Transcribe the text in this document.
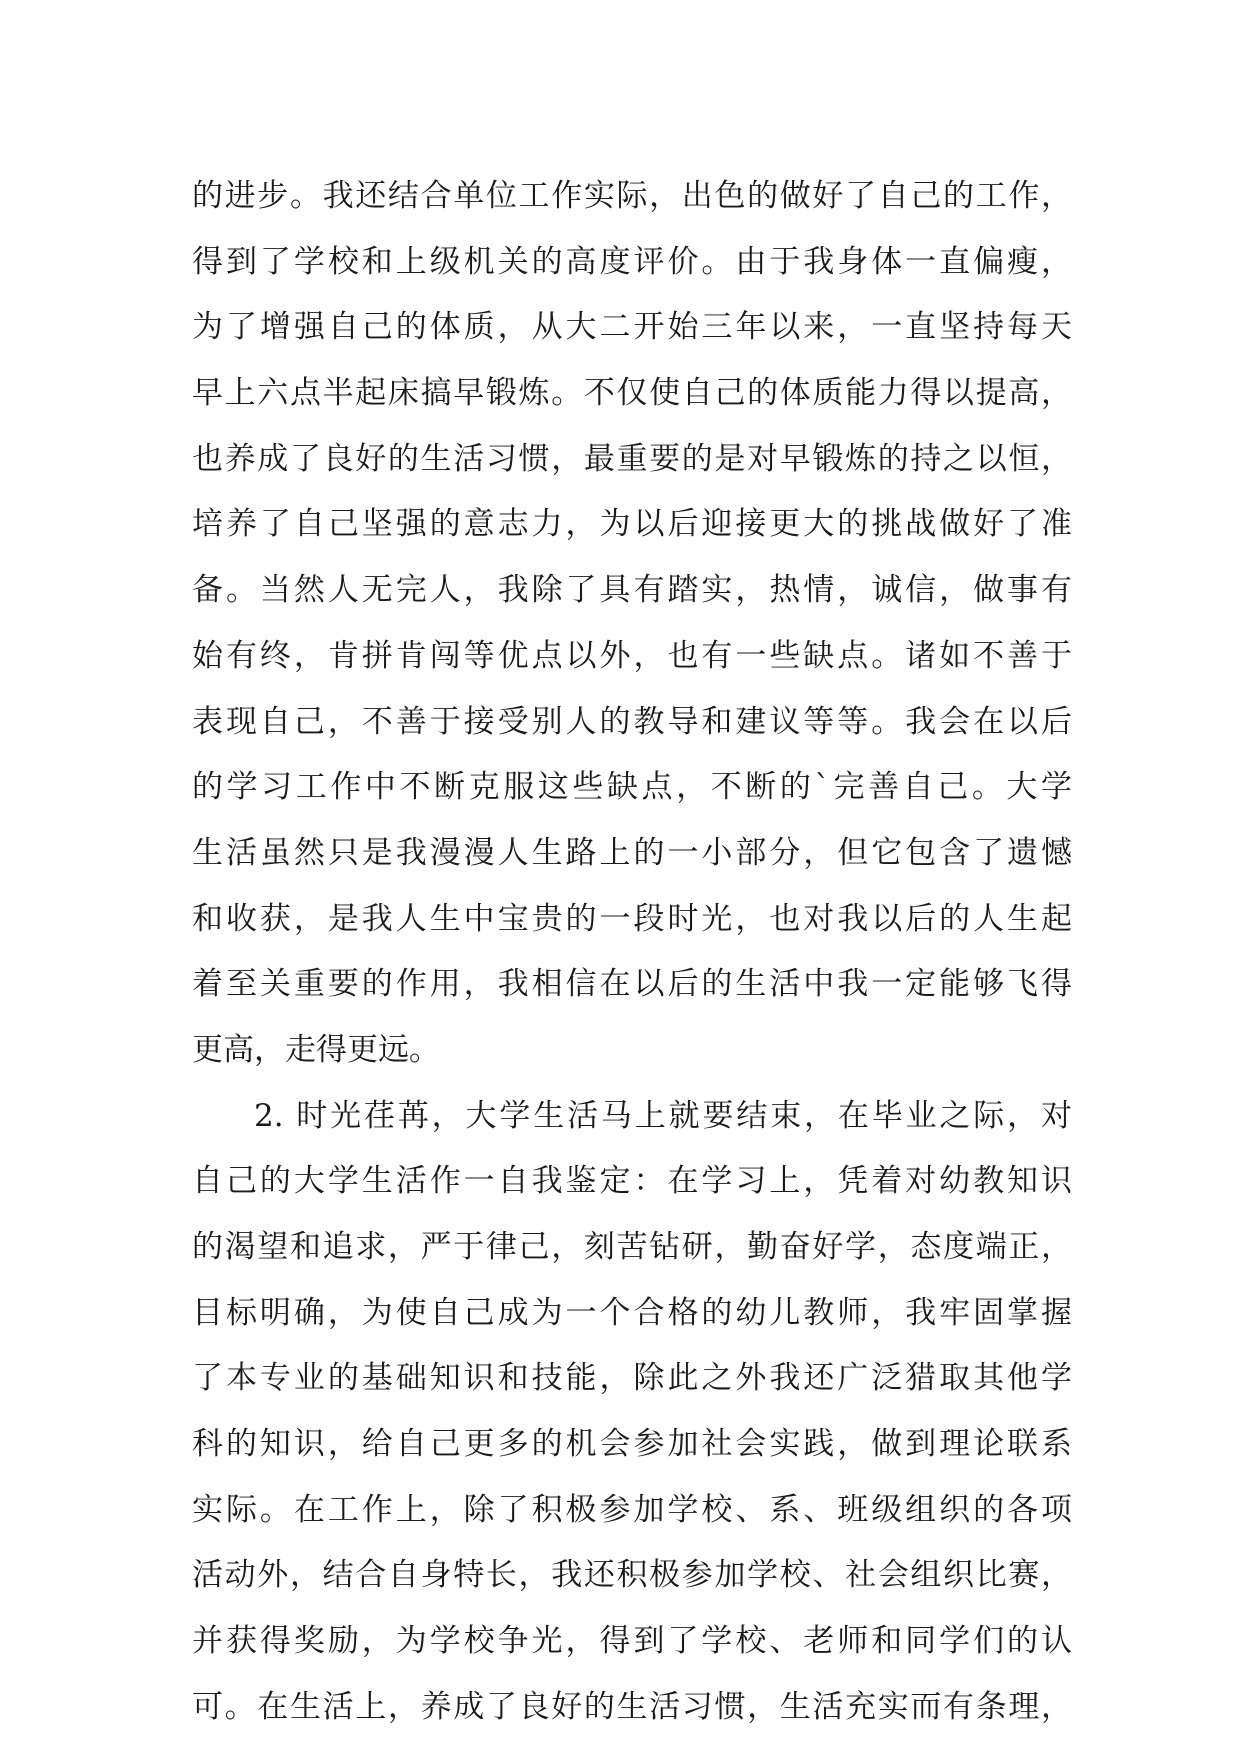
的进步。我还结合单位工作实际，出色的做好了自己的工作，
得到了学校和上级机关的高度评价。由于我身体一直偏瘦，
为了增强自己的体质，从大二开始三年以来，一直坚持每天
早上六点半起床搞早锻炼。不仅使自己的体质能力得以提高，
也养成了良好的生活习惯，最重要的是对早锻炼的持之以恒，
培养了自己坚强的意志力，为以后迎接更大的挑战做好了准
备。当然人无完人，我除了具有踏实，热情，诚信，做事有
始有终，肯拼肯闯等优点以外，也有一些缺点。诸如不善于
表现自己，不善于接受别人的教导和建议等等。我会在以后
的学习工作中不断克服这些缺点，不断的`完善自己。大学
生活虽然只是我漫漫人生路上的一小部分，但它包含了遗憾
和收获，是我人生中宝贵的一段时光，也对我以后的人生起
着至关重要的作用，我相信在以后的生活中我一定能够飞得
更高，走得更远。
2. 时光荏苒，大学生活马上就要结束，在毕业之际，对
自己的大学生活作一自我鉴定：在学习上，凭着对幼教知识
的渴望和追求，严于律己，刻苦钻研，勤奋好学，态度端正，
目标明确，为使自己成为一个合格的幼儿教师，我牢固掌握
了本专业的基础知识和技能，除此之外我还广泛猎取其他学
科的知识，给自己更多的机会参加社会实践，做到理论联系
实际。在工作上，除了积极参加学校、系、班级组织的各项
活动外，结合自身特长，我还积极参加学校、社会组织比赛，
并获得奖励，为学校争光，得到了学校、老师和同学们的认
可。在生活上，养成了良好的生活习惯，生活充实而有条理，
